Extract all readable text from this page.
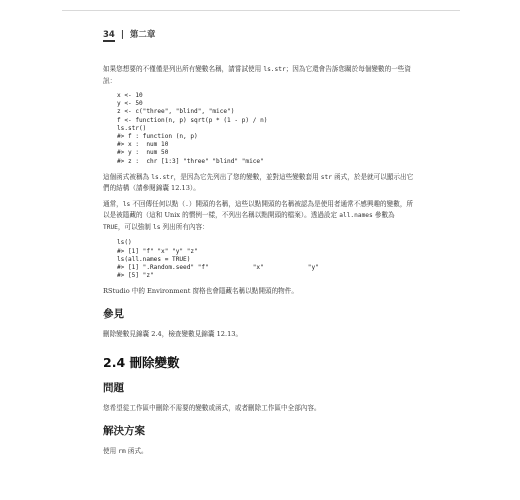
34 | 第二章

如果您想要的不僅僅是列出所有變數名稱，請嘗試使用 ls.str；因為它還會告訴您關於每個變數的一些資訊：

x <- 10
y <- 50
z <- c("three", "blind", "mice")
f <- function(n, p) sqrt(p * (1 - p) / n)
ls.str()
#> f : function (n, p)
#> x :  num 10
#> y :  num 50
#> z :  chr [1:3] "three" "blind" "mice"

這個函式被稱為 ls.str，是因為它先列出了您的變數，並對這些變數套用 str 函式，於是就可以顯示出它們的結構（請參閱錦囊 12.13）。

通常，ls 不回傳任何以點（.）開頭的名稱，這些以點開頭的名稱被認為是使用者通常不感興趣的變數，所以是被隱藏的（這和 Unix 的慣例一樣，不列出名稱以點開頭的檔案）。透過設定 all.names 參數為 TRUE，可以強制 ls 列出所有內容：

ls()
#> [1] "f" "x" "y" "z"
ls(all.names = TRUE)
#> [1] ".Random.seed" "f"            "x"            "y"
#> [5] "z"

RStudio 中的 Environment 窗格也會隱藏名稱以點開頭的物件。

參見

刪除變數見錦囊 2.4，檢查變數見錦囊 12.13。

2.4 刪除變數
問題

您希望從工作區中刪除不需要的變數或函式，或者刪除工作區中全部內容。

解決方案

使用 rm 函式。
